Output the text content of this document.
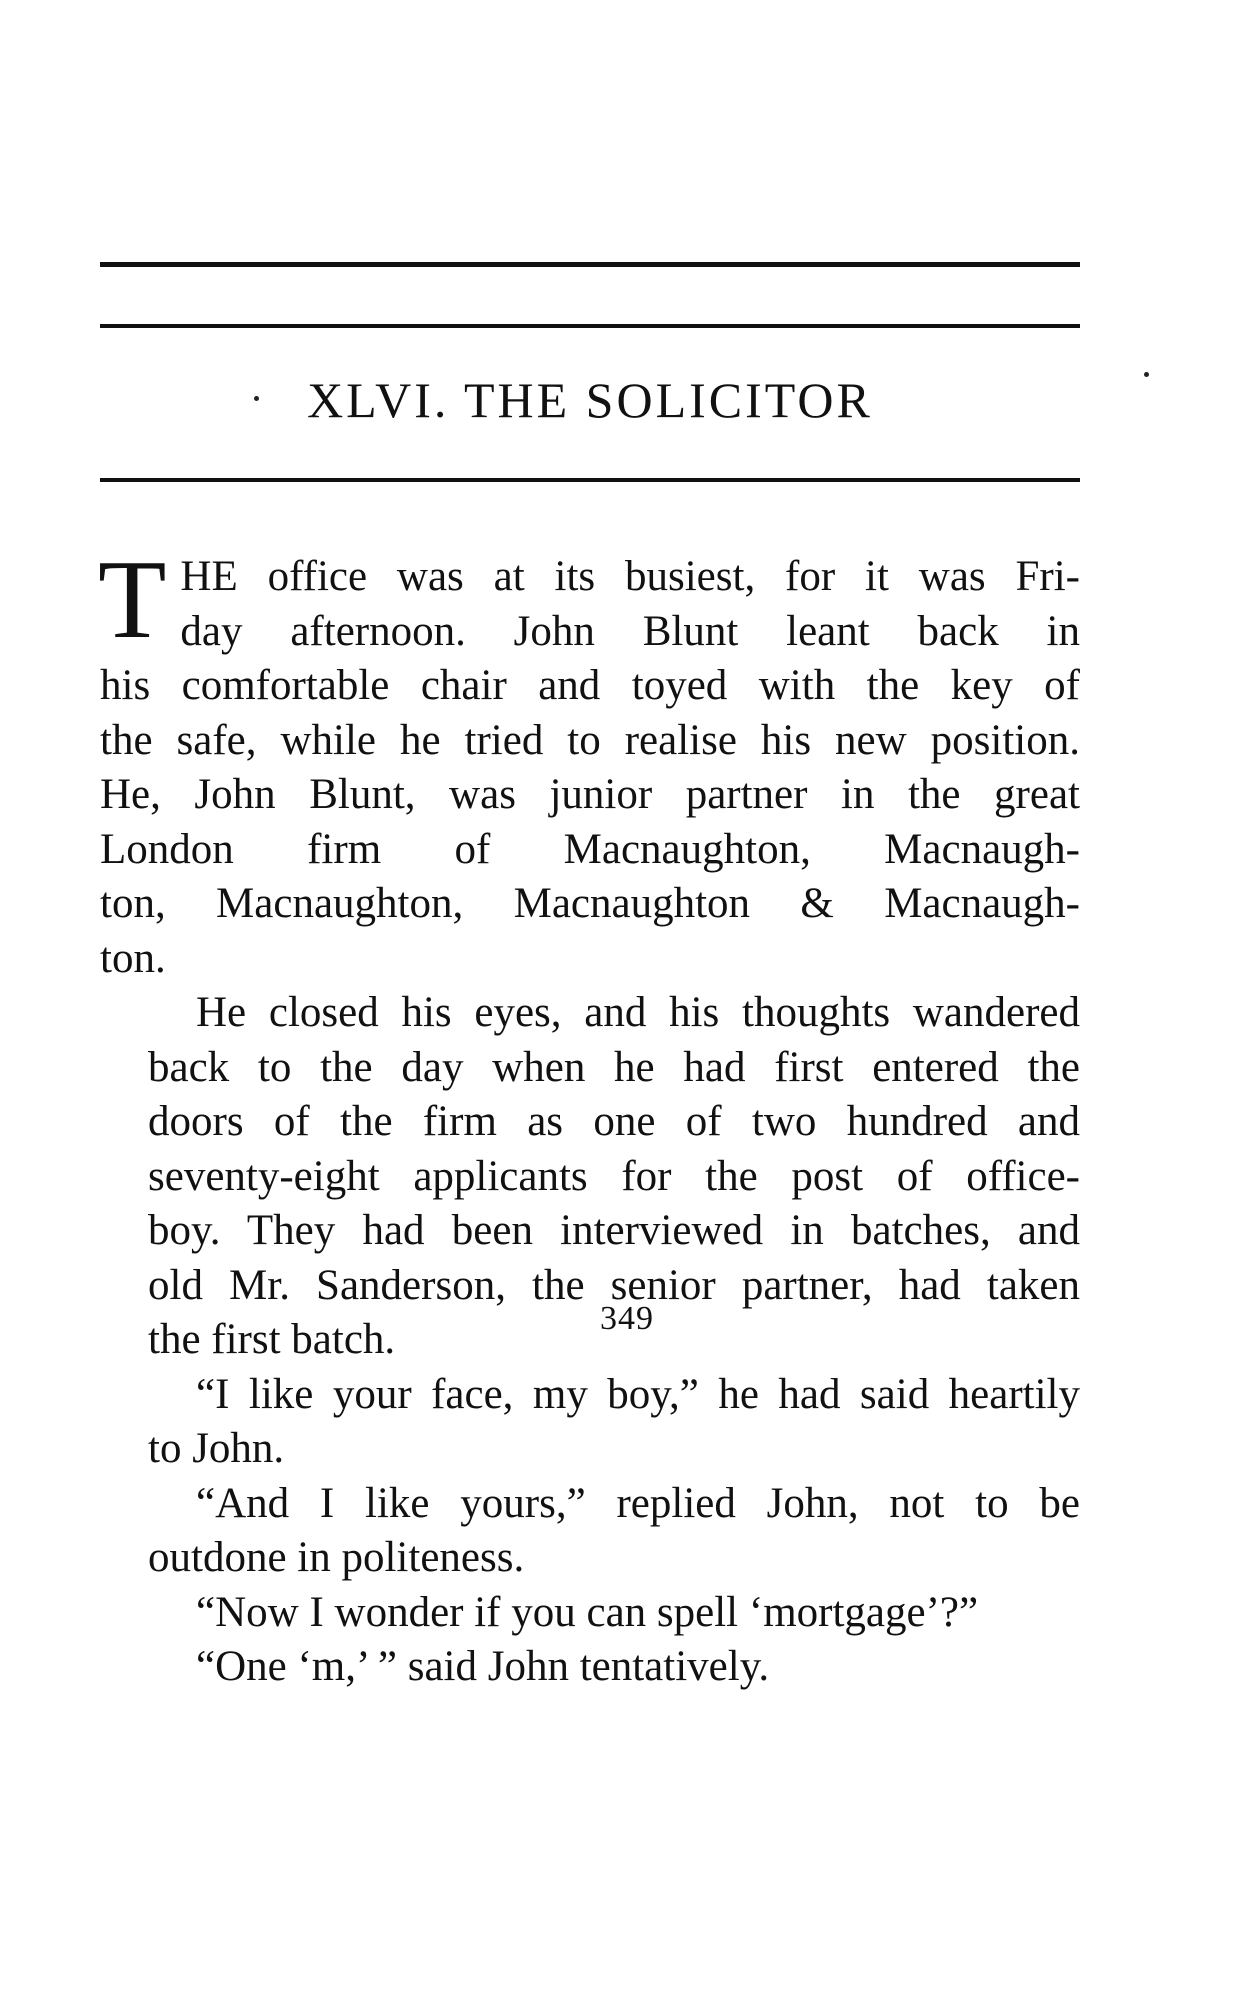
XLVI. THE SOLICITOR

T HE office was at its busiest, for it was Fri-
day afternoon. John Blunt leant back in
his comfortable chair and toyed with the key of
the safe, while he tried to realise his new position.
He, John Blunt, was junior partner in the great
London firm of Macnaughton, Macnaugh-
ton, Macnaughton, Macnaughton & Macnaugh-
ton.

He closed his eyes, and his thoughts wandered
back to the day when he had first entered the
doors of the firm as one of two hundred and
seventy-eight applicants for the post of office-
boy. They had been interviewed in batches, and
old Mr. Sanderson, the senior partner, had taken
the first batch.

“I like your face, my boy,” he had said heartily
to John.

“And I like yours,” replied John, not to be
outdone in politeness.

“Now I wonder if you can spell ‘mortgage’?”

“One ‘m,’ ” said John tentatively.

349
